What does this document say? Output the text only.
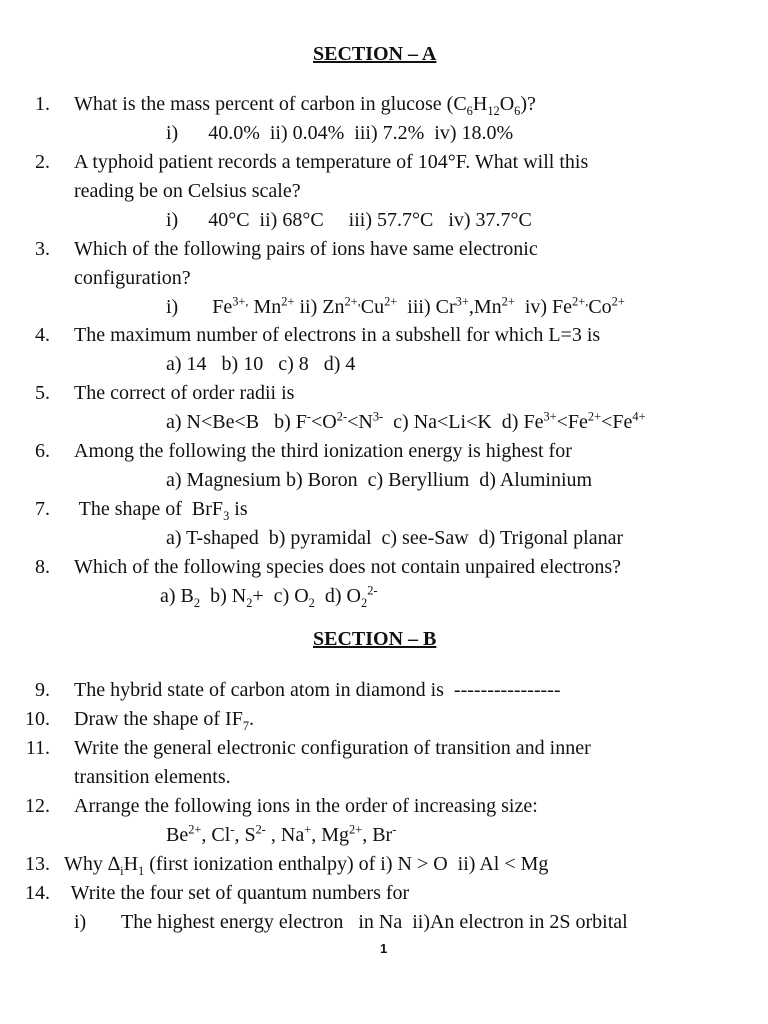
SECTION – A
1. What is the mass percent of carbon in glucose $(C_6H_{12}O_6)$?
i)      40.0%  ii) 0.04%  iii) 7.2%  iv) 18.0%
2. A typhoid patient records a temperature of 104°F. What will this
reading be on Celsius scale?
i)      40°C  ii) 68°C     iii) 57.7°C   iv) 37.7°C
3. Which of the following pairs of ions have same electronic
configuration?
i) $Fe^{3+,}$ $Mn^{2+}$ ii) $Zn^{2+,}Cu^{2+}$  iii) $Cr^{3+},Mn^{2+}$  iv) $Fe^{2+,}Co^{2+}$
4. The maximum number of electrons in a subshell for which L=3 is
a) 14   b) 10   c) 8   d) 4
5. The correct of order radii is
a) N<Be<B   b) $F^-<O^{2-}<N^{3-}$  c) Na<Li<K  d) $Fe^{3+}<Fe^{2+}<Fe^{4+}$
6. Among the following the third ionization energy is highest for
a) Magnesium b) Boron  c) Beryllium  d) Aluminium
7. The shape of  BrF$_3$ is
a) T-shaped  b) pyramidal  c) see-Saw  d) Trigonal planar
8. Which of the following species does not contain unpaired electrons?
a) $B_2$  b) $N_2+ c$) $O_2$  d) $O_2^{2-}$
SECTION – B
9. The hybrid state of carbon atom in diamond is  ----------------
10. Draw the shape of $IF_7$.
11. Write the general electronic configuration of transition and inner
transition elements.
12. Arrange the following ions in the order of increasing size:
$Be^{2+}$, Cl-, $S^{2-}$ , Na+, $Mg^{2+}$, Br-
13. Why $\Delta_iH_1$ (first ionization enthalpy) of i) N > O  ii) Al < Mg
14. Write the four set of quantum numbers for
i) The highest energy electron   in Na  ii)An electron in 2S orbital
1
